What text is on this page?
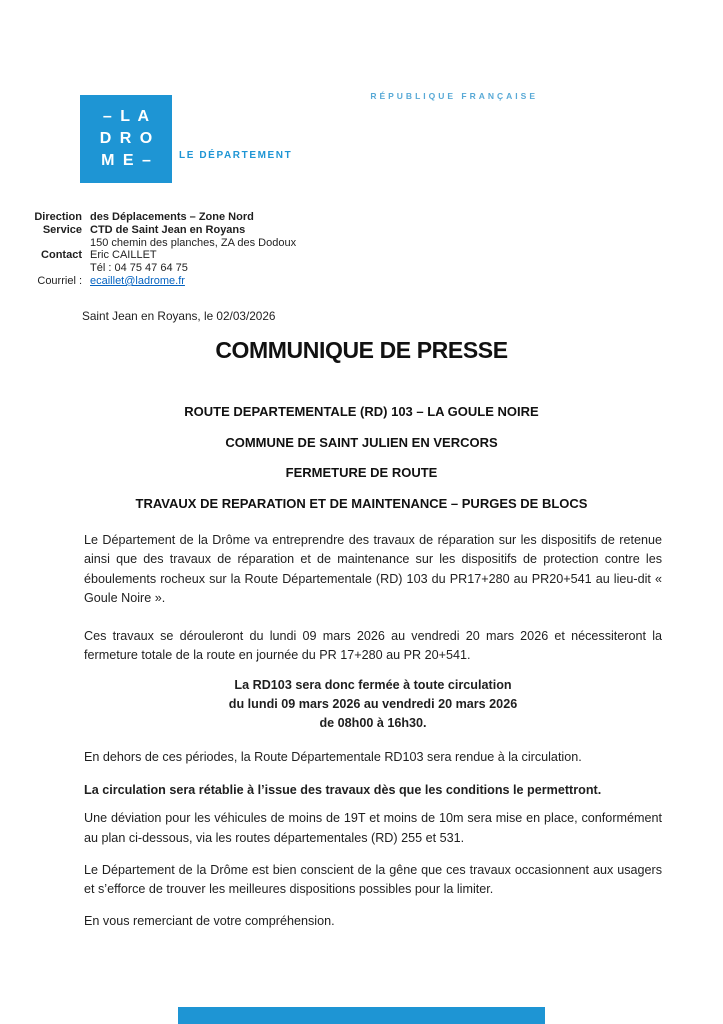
– L A
D R O
M E –	LE DÉPARTEMENT
RÉPUBLIQUE FRANÇAISE
Direction des Déplacements – Zone Nord
Service CTD de Saint Jean en Royans
150 chemin des planches, ZA des Dodoux
Contact Eric CAILLET
Tél : 04 75 47 64 75
Courriel : ecaillet@ladrome.fr
Saint Jean en Royans, le 02/03/2026
COMMUNIQUE DE PRESSE
ROUTE DEPARTEMENTALE (RD) 103 – LA GOULE NOIRE
COMMUNE DE SAINT JULIEN EN VERCORS
FERMETURE DE ROUTE
TRAVAUX DE REPARATION ET DE MAINTENANCE – PURGES DE BLOCS

Le Département de la Drôme va entreprendre des travaux de réparation sur les dispositifs de retenue ainsi que des travaux de réparation et de maintenance sur les dispositifs de protection contre les éboulements rocheux sur la Route Départementale (RD) 103 du PR17+280 au PR20+541 au lieu-dit « Goule Noire ».

Ces travaux se dérouleront du lundi 09 mars 2026 au vendredi 20 mars 2026 et nécessiteront la fermeture totale de la route en journée du PR 17+280 au PR 20+541.

La RD103 sera donc fermée à toute circulation
du lundi 09 mars 2026 au vendredi 20 mars 2026
de 08h00 à 16h30.

En dehors de ces périodes, la Route Départementale RD103 sera rendue à la circulation.

La circulation sera rétablie à l’issue des travaux dès que les conditions le permettront.

Une déviation pour les véhicules de moins de 19T et moins de 10m sera mise en place, conformément au plan ci-dessous, via les routes départementales (RD) 255 et 531.

Le Département de la Drôme est bien conscient de la gêne que ces travaux occasionnent aux usagers et s’efforce de trouver les meilleures dispositions possibles pour la limiter.

En vous remerciant de votre compréhension.
